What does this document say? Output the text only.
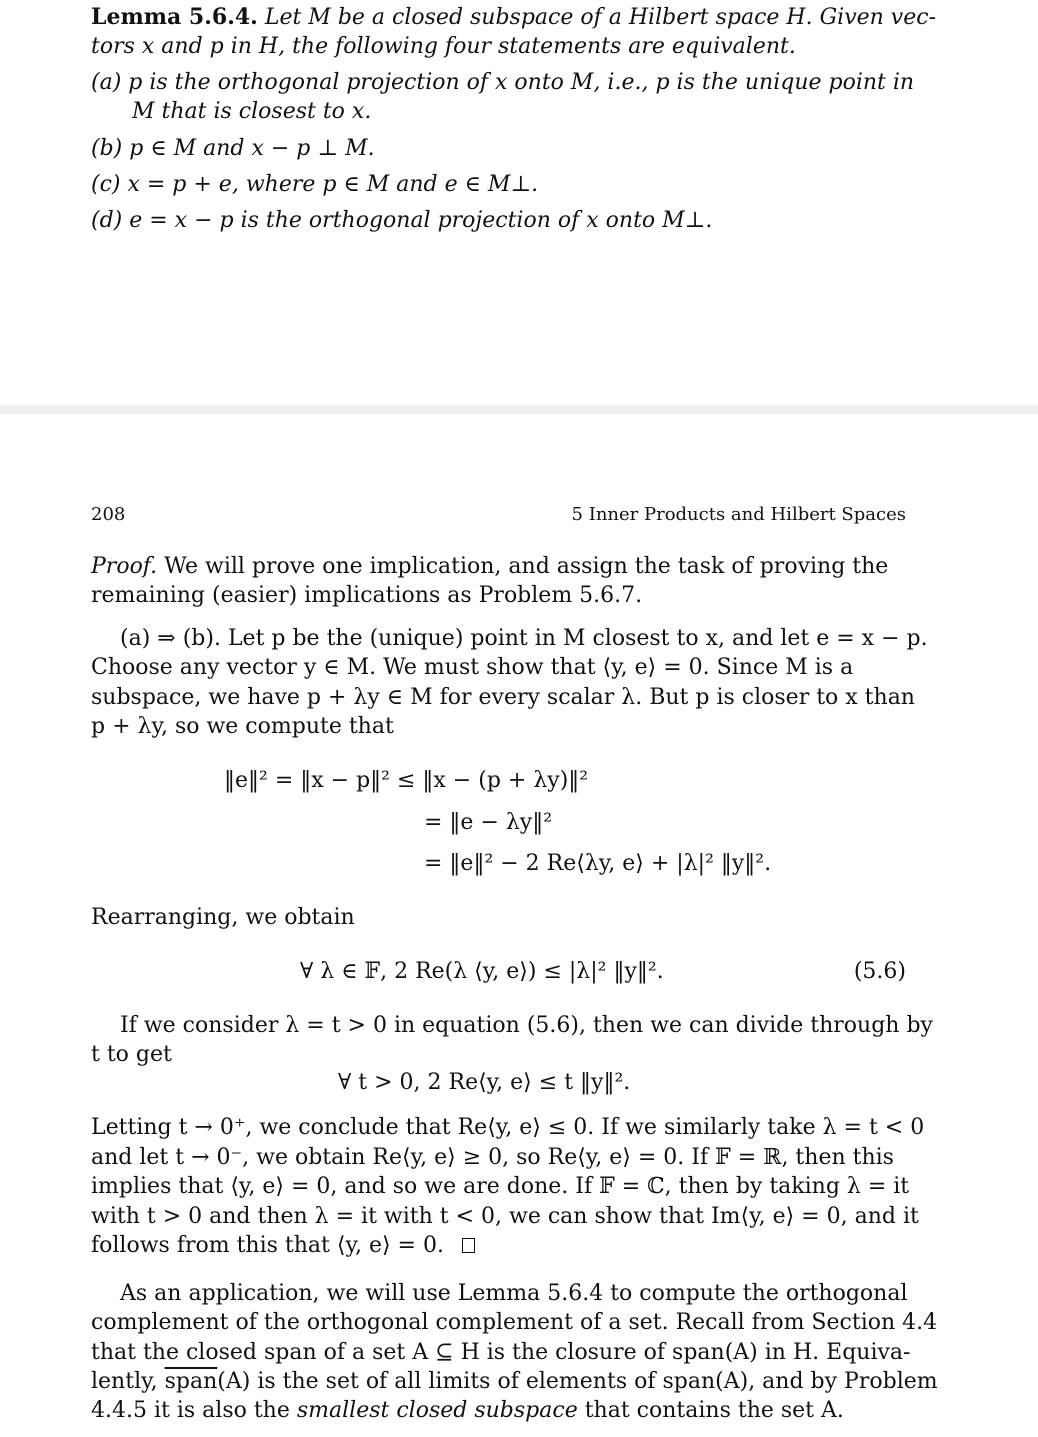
Lemma 5.6.4. Let M be a closed subspace of a Hilbert space H. Given vec-
tors x and p in H, the following four statements are equivalent.
(a) p is the orthogonal projection of x onto M, i.e., p is the unique point in
M that is closest to x.
(b) p ∈ M and x − p ⊥ M.
(c) x = p + e, where p ∈ M and e ∈ M⊥.
(d) e = x − p is the orthogonal projection of x onto M⊥.
208	5 Inner Products and Hilbert Spaces
Proof. We will prove one implication, and assign the task of proving the
remaining (easier) implications as Problem 5.6.7.
(a) ⇒ (b). Let p be the (unique) point in M closest to x, and let e = x − p.
Choose any vector y ∈ M. We must show that ⟨y, e⟩ = 0. Since M is a
subspace, we have p + λy ∈ M for every scalar λ. But p is closer to x than
p + λy, so we compute that
‖e‖² = ‖x − p‖² ≤ ‖x − (p + λy)‖²
= ‖e − λy‖²
= ‖e‖² − 2 Re⟨λy, e⟩ + |λ|² ‖y‖².
Rearranging, we obtain
∀ λ ∈ 𝔽, 2 Re(λ ⟨y, e⟩) ≤ |λ|² ‖y‖².	(5.6)
If we consider λ = t > 0 in equation (5.6), then we can divide through by
t to get
∀ t > 0, 2 Re⟨y, e⟩ ≤ t ‖y‖².
Letting t → 0⁺, we conclude that Re⟨y, e⟩ ≤ 0. If we similarly take λ = t < 0
and let t → 0⁻, we obtain Re⟨y, e⟩ ≥ 0, so Re⟨y, e⟩ = 0. If 𝔽 = ℝ, then this
implies that ⟨y, e⟩ = 0, and so we are done. If 𝔽 = ℂ, then by taking λ = it
with t > 0 and then λ = it with t < 0, we can show that Im⟨y, e⟩ = 0, and it
follows from this that ⟨y, e⟩ = 0.
As an application, we will use Lemma 5.6.4 to compute the orthogonal
complement of the orthogonal complement of a set. Recall from Section 4.4
that the closed span of a set A ⊆ H is the closure of span(A) in H. Equiva-
lently, span(A) is the set of all limits of elements of span(A), and by Problem
4.4.5 it is also the smallest closed subspace that contains the set A.
